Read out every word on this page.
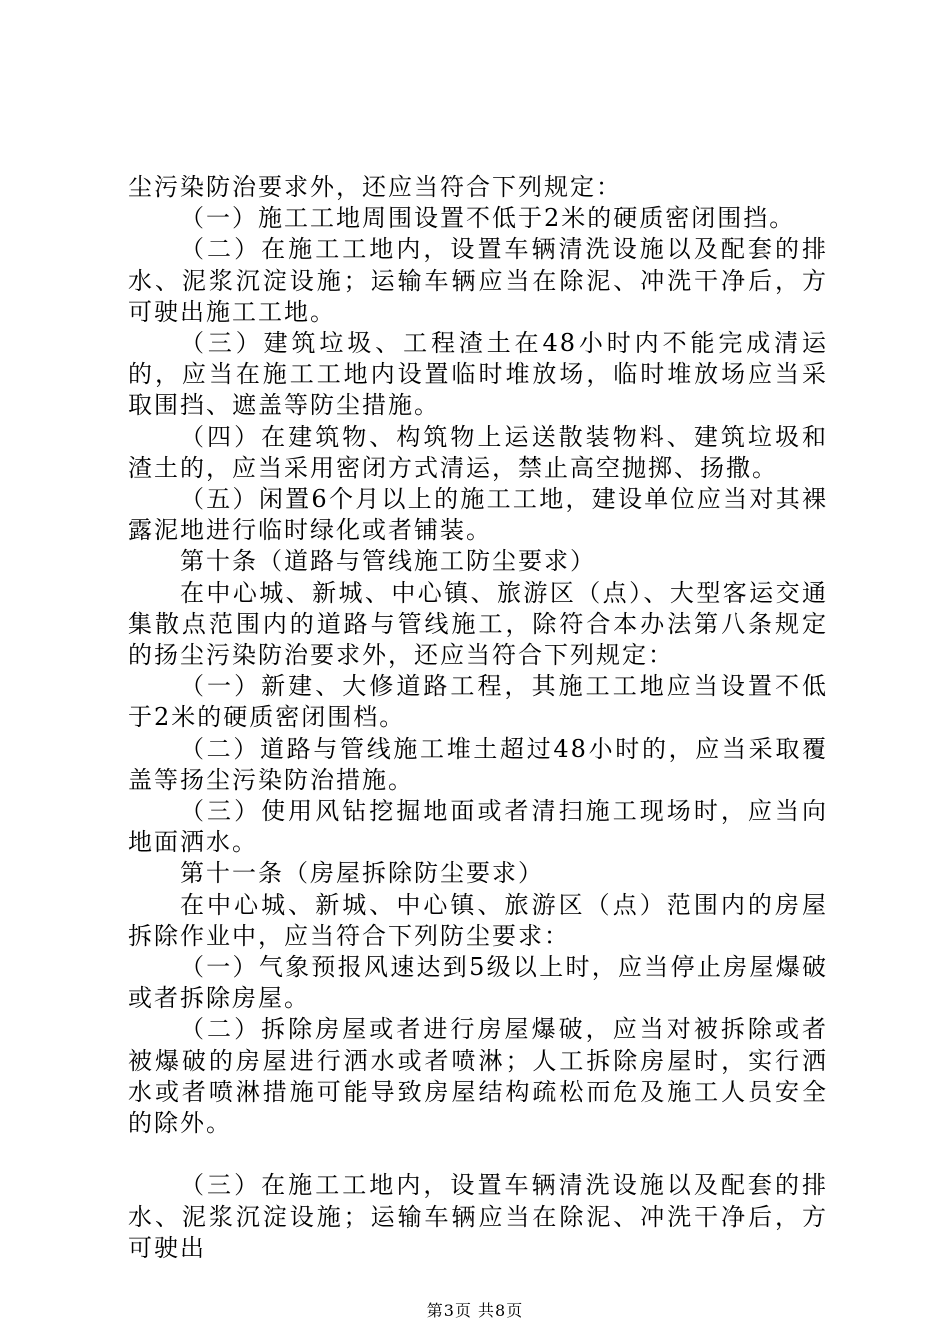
尘污染防治要求外，还应当符合下列规定：

（一）施工工地周围设置不低于2米的硬质密闭围挡。

（二）在施工工地内，设置车辆清洗设施以及配套的排水、泥浆沉淀设施；运输车辆应当在除泥、冲洗干净后，方可驶出施工工地。

（三）建筑垃圾、工程渣土在48小时内不能完成清运的，应当在施工工地内设置临时堆放场，临时堆放场应当采取围挡、遮盖等防尘措施。

（四）在建筑物、构筑物上运送散装物料、建筑垃圾和渣土的，应当采用密闭方式清运，禁止高空抛掷、扬撒。

（五）闲置6个月以上的施工工地，建设单位应当对其裸露泥地进行临时绿化或者铺装。

第十条（道路与管线施工防尘要求）

在中心城、新城、中心镇、旅游区（点）、大型客运交通集散点范围内的道路与管线施工，除符合本办法第八条规定的扬尘污染防治要求外，还应当符合下列规定：

（一）新建、大修道路工程，其施工工地应当设置不低于2米的硬质密闭围档。

（二）道路与管线施工堆土超过48小时的，应当采取覆盖等扬尘污染防治措施。

（三）使用风钻挖掘地面或者清扫施工现场时，应当向地面洒水。

第十一条（房屋拆除防尘要求）

在中心城、新城、中心镇、旅游区（点）范围内的房屋拆除作业中，应当符合下列防尘要求：

（一）气象预报风速达到5级以上时，应当停止房屋爆破或者拆除房屋。

（二）拆除房屋或者进行房屋爆破，应当对被拆除或者被爆破的房屋进行洒水或者喷淋；人工拆除房屋时，实行洒水或者喷淋措施可能导致房屋结构疏松而危及施工人员安全的除外。

（三）在施工工地内，设置车辆清洗设施以及配套的排水、泥浆沉淀设施；运输车辆应当在除泥、冲洗干净后，方可驶出

第3页 共8页
